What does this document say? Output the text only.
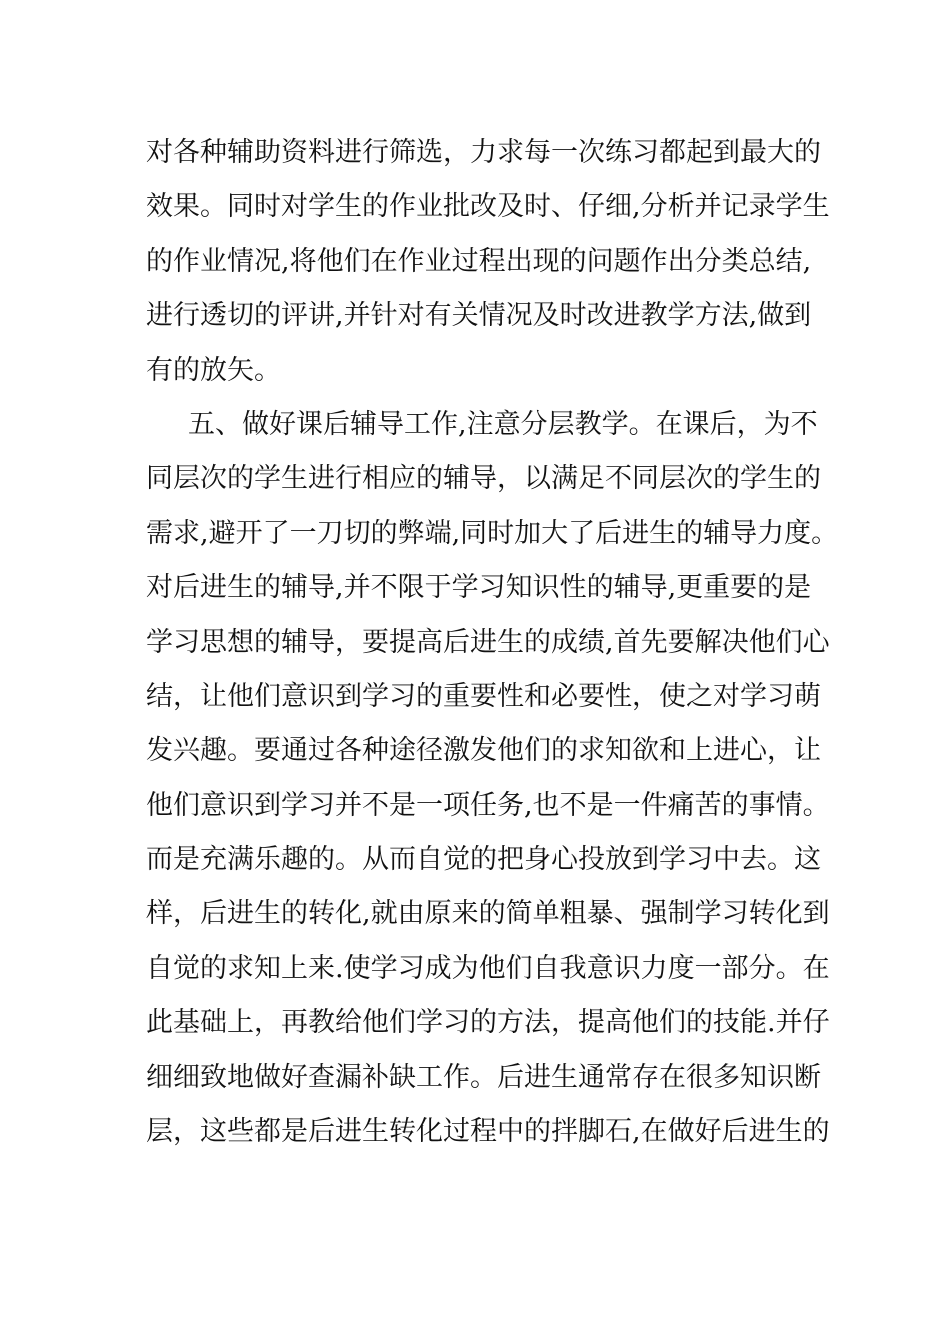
对各种辅助资料进行筛选，力求每一次练习都起到最大的
效果。同时对学生的作业批改及时、仔细,分析并记录学生
的作业情况,将他们在作业过程出现的问题作出分类总结,
进行透切的评讲,并针对有关情况及时改进教学方法,做到
有的放矢。
五、做好课后辅导工作,注意分层教学。在课后，为不
同层次的学生进行相应的辅导，以满足不同层次的学生的
需求,避开了一刀切的弊端,同时加大了后进生的辅导力度。
对后进生的辅导,并不限于学习知识性的辅导,更重要的是
学习思想的辅导，要提高后进生的成绩,首先要解决他们心
结，让他们意识到学习的重要性和必要性，使之对学习萌
发兴趣。要通过各种途径激发他们的求知欲和上进心，让
他们意识到学习并不是一项任务,也不是一件痛苦的事情。
而是充满乐趣的。从而自觉的把身心投放到学习中去。这
样，后进生的转化,就由原来的简单粗暴、强制学习转化到
自觉的求知上来.使学习成为他们自我意识力度一部分。在
此基础上，再教给他们学习的方法，提高他们的技能.并仔
细细致地做好查漏补缺工作。后进生通常存在很多知识断
层，这些都是后进生转化过程中的拌脚石,在做好后进生的
